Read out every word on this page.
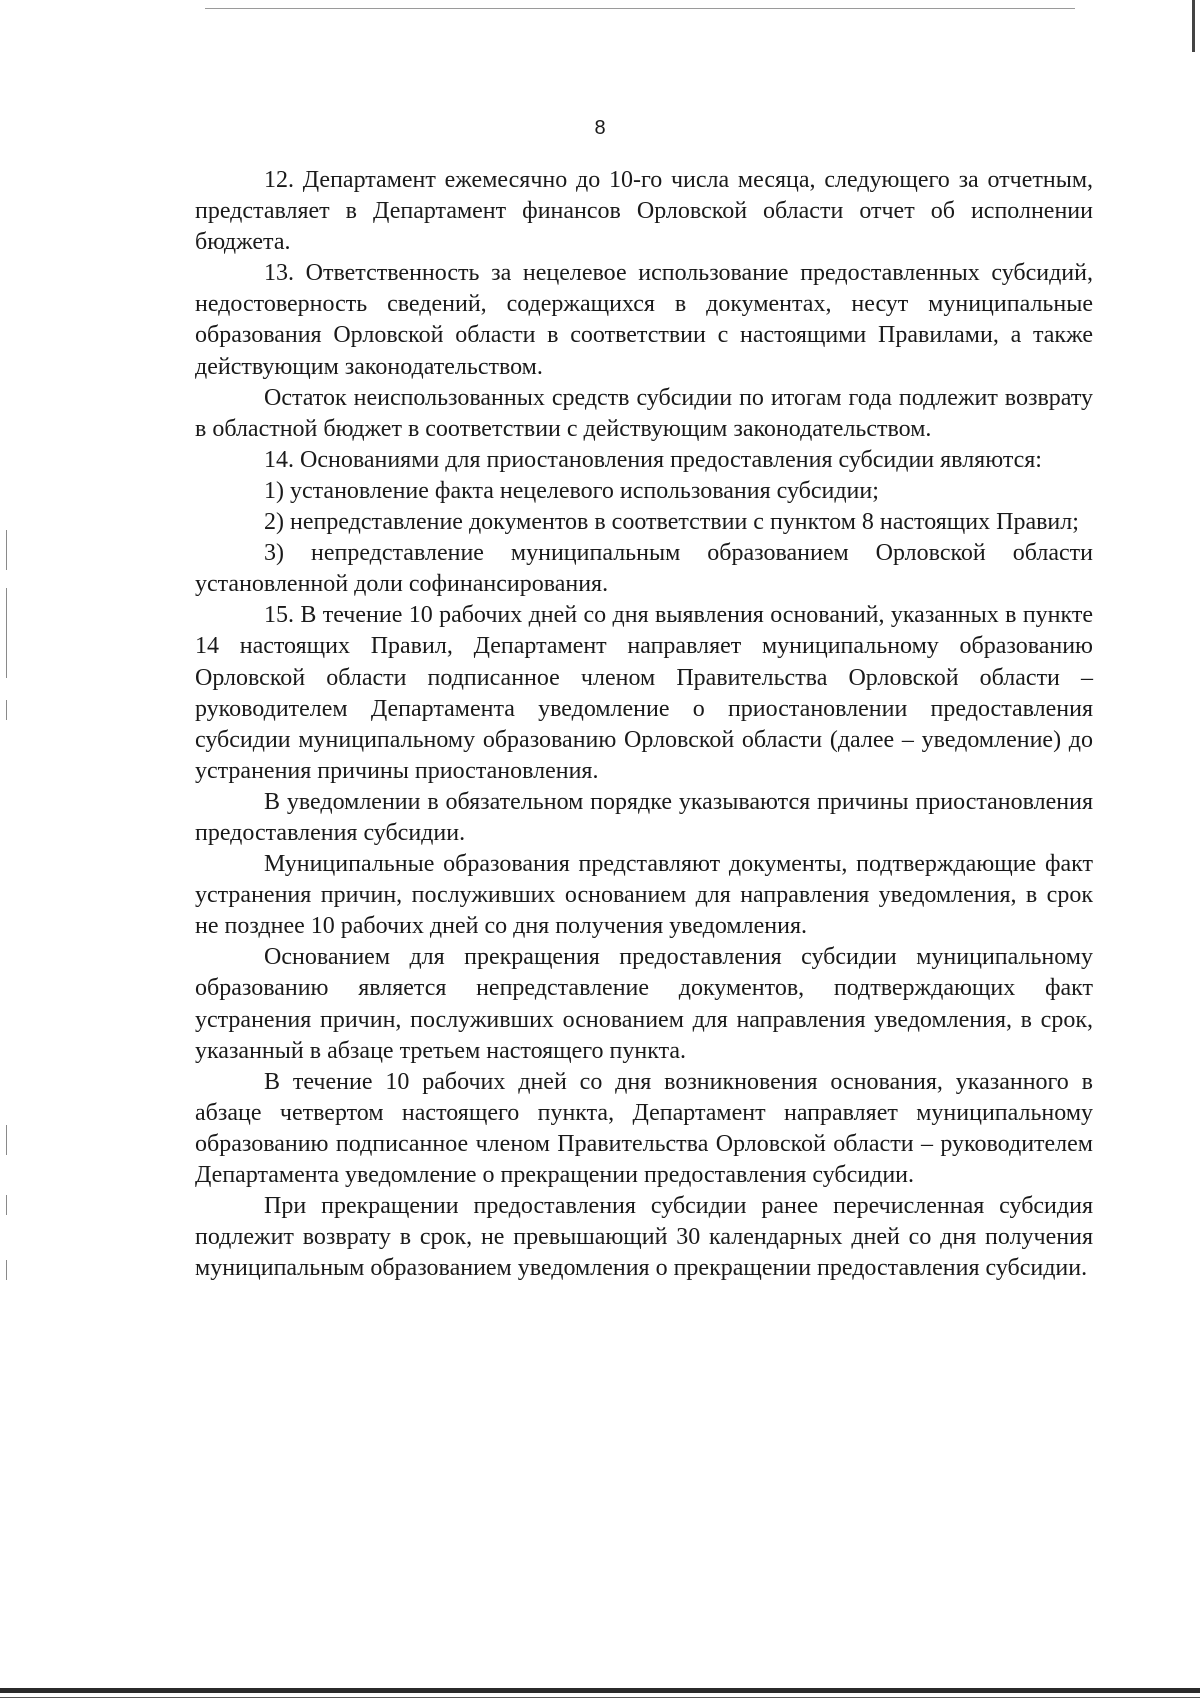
8

12. Департамент ежемесячно до 10-го числа месяца, следующего за отчетным, представляет в Департамент финансов Орловской области отчет об исполнении бюджета.

13. Ответственность за нецелевое использование предоставленных субсидий, недостоверность сведений, содержащихся в документах, несут муниципальные образования Орловской области в соответствии с настоящими Правилами, а также действующим законодательством.

Остаток неиспользованных средств субсидии по итогам года подлежит возврату в областной бюджет в соответствии с действующим законодательством.

14. Основаниями для приостановления предоставления субсидии являются:

1) установление факта нецелевого использования субсидии;

2) непредставление документов в соответствии с пунктом 8 настоящих Правил;

3) непредставление муниципальным образованием Орловской области установленной доли софинансирования.

15. В течение 10 рабочих дней со дня выявления оснований, указанных в пункте 14 настоящих Правил, Департамент направляет муниципальному образованию Орловской области подписанное членом Правительства Орловской области – руководителем Департамента уведомление о приостановлении предоставления субсидии муниципальному образованию Орловской области (далее – уведомление) до устранения причины приостановления.

В уведомлении в обязательном порядке указываются причины приостановления предоставления субсидии.

Муниципальные образования представляют документы, подтверждающие факт устранения причин, послуживших основанием для направления уведомления, в срок не позднее 10 рабочих дней со дня получения уведомления.

Основанием для прекращения предоставления субсидии муниципальному образованию является непредставление документов, подтверждающих факт устранения причин, послуживших основанием для направления уведомления, в срок, указанный в абзаце третьем настоящего пункта.

В течение 10 рабочих дней со дня возникновения основания, указанного в абзаце четвертом настоящего пункта, Департамент направляет муниципальному образованию подписанное членом Правительства Орловской области – руководителем Департамента уведомление о прекращении предоставления субсидии.

При прекращении предоставления субсидии ранее перечисленная субсидия подлежит возврату в срок, не превышающий 30 календарных дней со дня получения муниципальным образованием уведомления о прекращении предоставления субсидии.
